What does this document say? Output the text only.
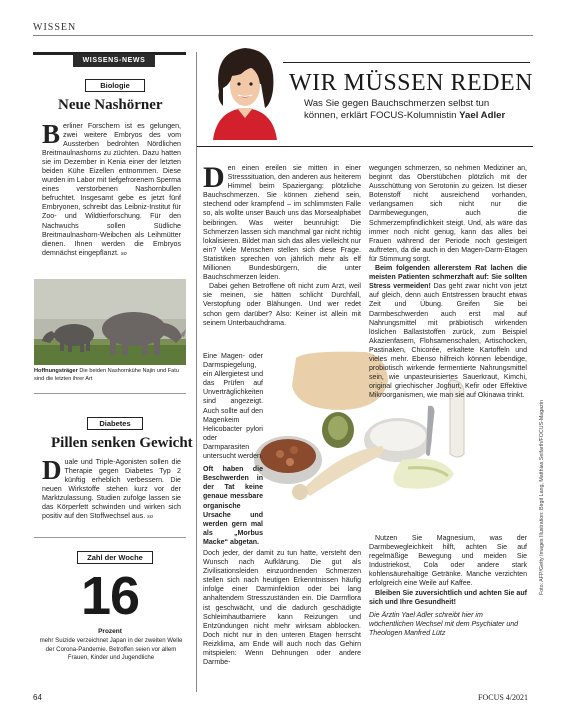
WISSEN
WISSENS-NEWS
Biologie
Neue Nashörner
Berliner Forschern ist es gelungen, zwei weitere Embryos des vom Aussterben bedrohten Nördlichen Breitmaulnashorns zu züchten. Dazu hatten sie im Dezember in Kenia einer der letzten beiden Kühe Eizellen entnommen. Diese wurden im Labor mit tiefgefrorenem Sperma eines verstorbenen Nashornbullen befruchtet. Insgesamt gebe es jetzt fünf Embryonen, schreibt das Leibniz-Institut für Zoo- und Wildtierforschung. Für den Nachwuchs sollen Südliche Breitmaulnashorn-Weibchen als Leihmütter dienen. Ihnen werden die Embryos demnächst eingepflanzt. so
Hoffnungsträger Die beiden Nashornkühe Najin und Fatu sind die letzten ihrer Art
Diabetes
Pillen senken Gewicht
Duale und Triple-Agonisten sollen die Therapie gegen Diabetes Typ 2 künftig erheblich verbessern. Die neuen Wirkstoffe stehen kurz vor der Marktzulassung. Studien zufolge lassen sie das Körperfett schwinden und wirken sich positiv auf den Stoffwechsel aus. so
Zahl der Woche
16
Prozent
mehr Suizide verzeichnet Japan in der zweiten Welle der Corona-Pandemie. Betroffen seien vor allem Frauen, Kinder und Jugendliche
WIR MÜSSEN REDEN
Was Sie gegen Bauchschmerzen selbst tun können, erklärt FOCUS-Kolumnistin Yael Adler

Den einen ereilen sie mitten in einer Stresssituation, den anderen aus heiterem Himmel beim Spaziergang: plötzliche Bauchschmerzen. Sie können ziehend sein, stechend oder krampfend – im schlimmsten Falle so, als wollte unser Bauch uns das Morsealphabet beibringen. Was weiter beunruhigt: Die Schmerzen lassen sich manchmal gar nicht richtig lokalisieren. Bildet man sich das alles vielleicht nur ein? Viele Menschen stellen sich diese Frage. Statistiken sprechen von jährlich mehr als elf Millionen Bundesbürgern, die unter Bauchschmerzen leiden.

Dabei gehen Betroffene oft nicht zum Arzt, weil sie meinen, sie hätten schlicht Durchfall, Verstopfung oder Blähungen. Und wer redet schon gern darüber? Also: Keiner ist allein mit seinem Unterbauchdrama.

Eine Magen- oder Darmspiegelung, ein Allergietest und das Prüfen auf Unverträglichkeiten sind angezeigt. Auch sollte auf den Magenkeim Helicobacter pylori oder Darmparasiten untersucht werden.

Oft haben die Beschwerden in der Tat keine genaue messbare organische Ursache und werden gern mal als „Morbus Macke“ abgetan.

Doch jeder, der damit zu tun hatte, versteht den Wunsch nach Aufklärung. Die gut als Zivilisationsleiden einzuordnenden Schmerzen stellen sich nach heutigen Erkenntnissen häufig infolge einer Darminfektion oder bei lang anhaltendem Stresszuständen ein. Die Darmflora ist geschwächt, und die dadurch geschädigte Schleimhautbarriere kann Reizungen und Entzündungen nicht mehr wirksam abblocken. Doch nicht nur in den unteren Etagen herrscht Reizklima, am Ende will auch noch das Gehirn mitspielen: Wenn Dehnungen oder andere Darmbe-

wegungen schmerzen, so nehmen Mediziner an, beginnt das Oberstübchen plötzlich mit der Ausschüttung von Serotonin zu geizen. Ist dieser Botenstoff nicht ausreichend vorhanden, verlangsamen sich nicht nur die Darmbewegungen, auch die Schmerzempfindlichkeit steigt. Und, als wäre das immer noch nicht genug, kann das alles bei Frauen während der Periode noch gesteigert auftreten, da die auch in den Magen-Darm-Etagen für Stimmung sorgt.

Beim folgenden allererstem Rat lachen die meisten Patienten schmerzhaft auf: Sie sollten Stress vermeiden! Das geht zwar nicht von jetzt auf gleich, denn auch Entstressen braucht etwas Zeit und Übung. Greifen Sie bei Darmbeschwerden auch erst mal auf Nahrungsmittel mit präbiotisch wirkenden löslichen Ballaststoffen zurück, zum Beispiel Akazienfasern, Flohsamenschalen, Artischocken, Pastinaken, Chicorée, erkaltete Kartoffeln und vieles mehr. Ebenso hilfreich können lebendige, probiotisch wirkende fermentierte Nahrungsmittel sein, wie unpasteurisiertes Sauerkraut, Kimchi, original griechischer Joghurt, Kefir oder Effektive Mikroorganismen, wie man sie auf Okinawa trinkt.

Nutzen Sie Magnesium, was der Darmbewegleichkeit hilft, achten Sie auf regelmäßige Bewegung und meiden Sie Industriekost, Cola oder andere stark kohlensäurehaltige Getränke. Manche verzichten erfolgreich eine Weile auf Kaffee.

Bleiben Sie zuversichtlich und achten Sie auf sich und Ihre Gesundheit!

Die Ärztin Yael Adler schreibt hier im wöchentlichen Wechsel mit dem Psychiater und Theologen Manfred Lütz

64	FOCUS 4/2021
Foto: AFP/Getty Images Illustration: Birgit Lang, Matthias Seifarth/FOCUS-Magazin
